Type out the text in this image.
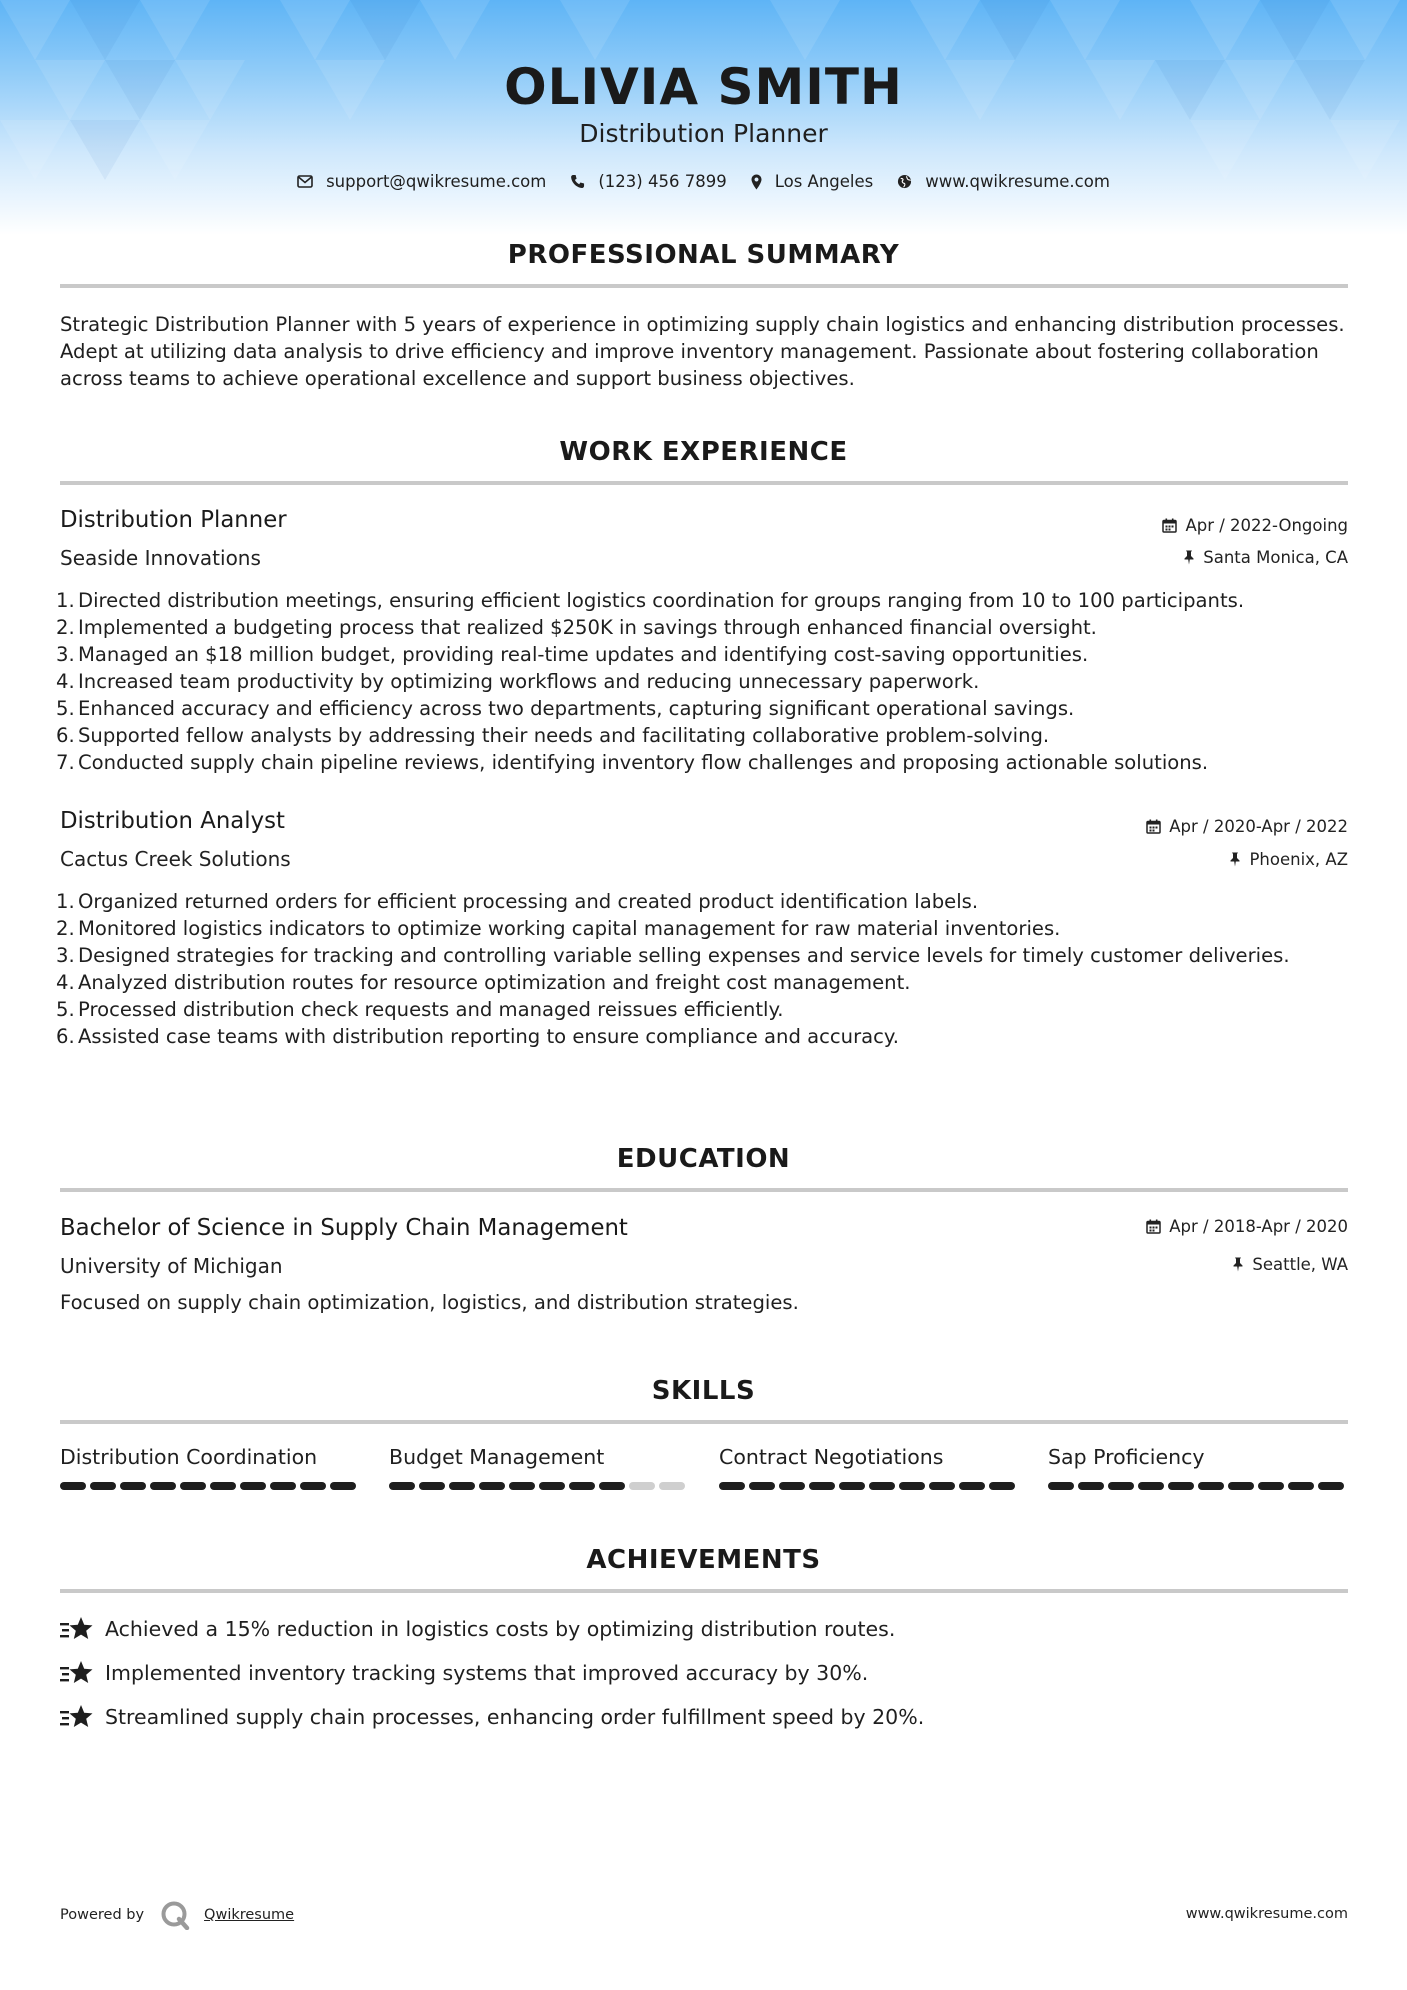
OLIVIA SMITH
Distribution Planner
support@qwikresume.com	(123) 456 7899	Los Angeles	www.qwikresume.com
PROFESSIONAL SUMMARY

Strategic Distribution Planner with 5 years of experience in optimizing supply chain logistics and enhancing distribution processes. Adept at utilizing data analysis to drive efficiency and improve inventory management. Passionate about fostering collaboration across teams to achieve operational excellence and support business objectives.

WORK EXPERIENCE
Distribution Planner
Seaside Innovations
Apr / 2022-Ongoing
Santa Monica, CA
1. Directed distribution meetings, ensuring efficient logistics coordination for groups ranging from 10 to 100 participants.
2. Implemented a budgeting process that realized $250K in savings through enhanced financial oversight.
3. Managed an $18 million budget, providing real-time updates and identifying cost-saving opportunities.
4. Increased team productivity by optimizing workflows and reducing unnecessary paperwork.
5. Enhanced accuracy and efficiency across two departments, capturing significant operational savings.
6. Supported fellow analysts by addressing their needs and facilitating collaborative problem-solving.
7. Conducted supply chain pipeline reviews, identifying inventory flow challenges and proposing actionable solutions.
Distribution Analyst
Cactus Creek Solutions
Apr / 2020-Apr / 2022
Phoenix, AZ
1. Organized returned orders for efficient processing and created product identification labels.
2. Monitored logistics indicators to optimize working capital management for raw material inventories.
3. Designed strategies for tracking and controlling variable selling expenses and service levels for timely customer deliveries.
4. Analyzed distribution routes for resource optimization and freight cost management.
5. Processed distribution check requests and managed reissues efficiently.
6. Assisted case teams with distribution reporting to ensure compliance and accuracy.
EDUCATION
Bachelor of Science in Supply Chain Management
University of Michigan
Apr / 2018-Apr / 2020
Seattle, WA

Focused on supply chain optimization, logistics, and distribution strategies.

SKILLS
Distribution Coordination	Budget Management	Contract Negotiations	Sap Proficiency
ACHIEVEMENTS
Achieved a 15% reduction in logistics costs by optimizing distribution routes.
Implemented inventory tracking systems that improved accuracy by 30%.
Streamlined supply chain processes, enhancing order fulfillment speed by 20%.
Powered by	Qwikresume	www.qwikresume.com
